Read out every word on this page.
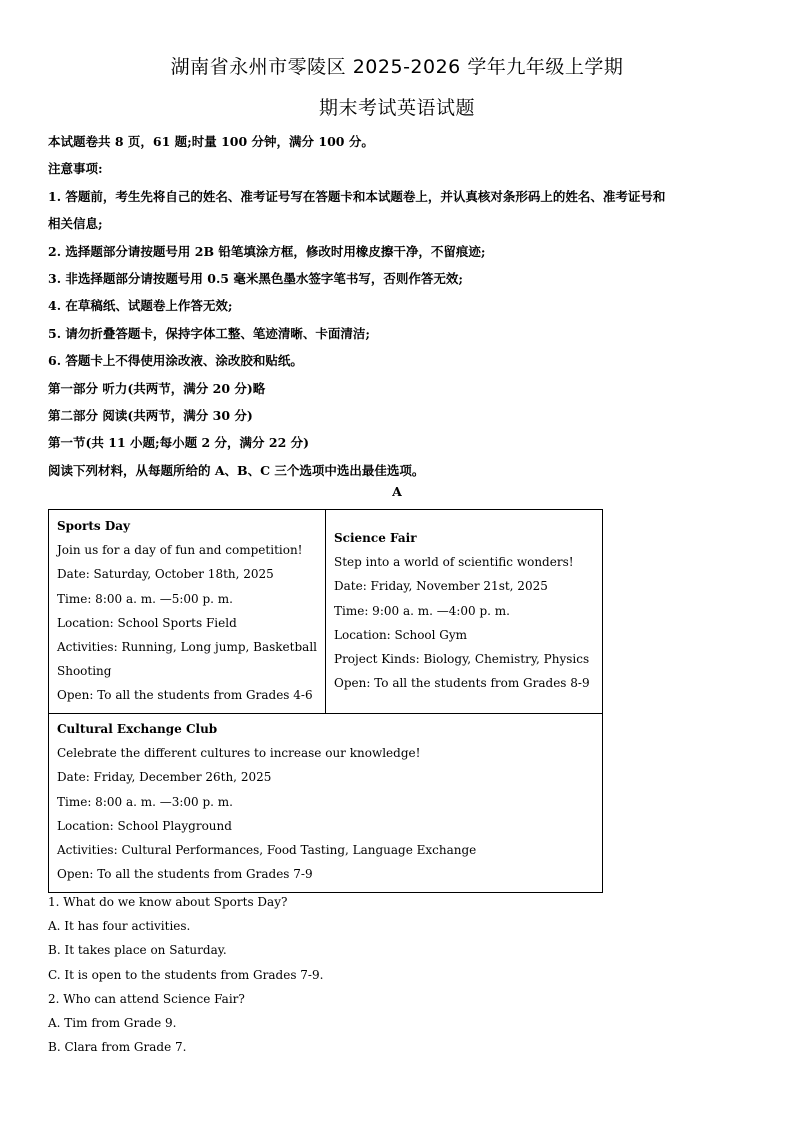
湖南省永州市零陵区 2025-2026 学年九年级上学期
期末考试英语试题
本试题卷共 8 页，61 题;时量 100 分钟，满分 100 分。
注意事项:
1. 答题前，考生先将自己的姓名、准考证号写在答题卡和本试题卷上，并认真核对条形码上的姓名、准考证号和
相关信息;
2. 选择题部分请按题号用 2B 铅笔填涂方框，修改时用橡皮擦干净，不留痕迹;
3. 非选择题部分请按题号用 0.5 毫米黑色墨水签字笔书写，否则作答无效;
4. 在草稿纸、试题卷上作答无效;
5. 请勿折叠答题卡，保持字体工整、笔迹清晰、卡面清洁;
6. 答题卡上不得使用涂改液、涂改胶和贴纸。
第一部分 听力(共两节，满分 20 分)略
第二部分 阅读(共两节，满分 30 分)
第一节(共 11 小题;每小题 2 分，满分 22 分)
阅读下列材料，从每题所给的 A、B、C 三个选项中选出最佳选项。
A
Sports Day
Join us for a day of fun and competition!
Date: Saturday, October 18th, 2025
Time: 8:00 a. m. —5:00 p. m.
Location: School Sports Field
Activities: Running, Long jump, Basketball
Shooting
Open: To all the students from Grades 4-6
Science Fair
Step into a world of scientific wonders!
Date: Friday, November 21st, 2025
Time: 9:00 a. m. —4:00 p. m.
Location: School Gym
Project Kinds: Biology, Chemistry, Physics
Open: To all the students from Grades 8-9
Cultural Exchange Club
Celebrate the different cultures to increase our knowledge!
Date: Friday, December 26th, 2025
Time: 8:00 a. m. —3:00 p. m.
Location: School Playground
Activities: Cultural Performances, Food Tasting, Language Exchange
Open: To all the students from Grades 7-9
1. What do we know about Sports Day?
A. It has four activities.
B. It takes place on Saturday.
C. It is open to the students from Grades 7-9.
2. Who can attend Science Fair?
A. Tim from Grade 9.
B. Clara from Grade 7.
